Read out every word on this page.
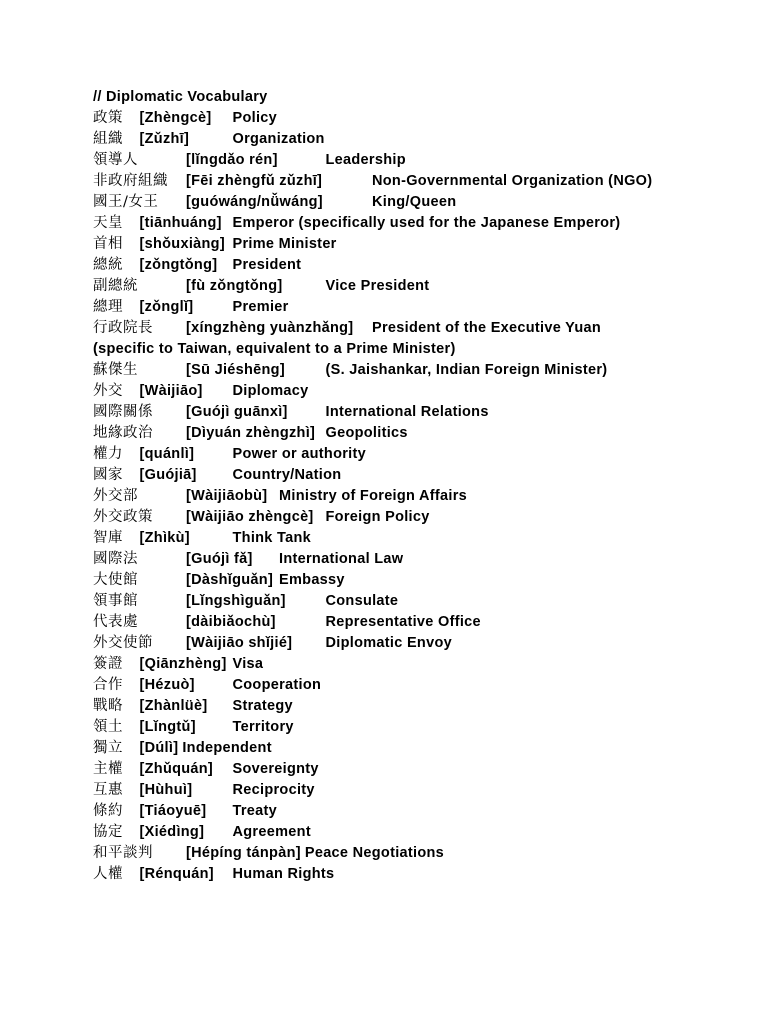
// Diplomatic Vocabulary
政策 [Zhèngcè] Policy
組織 [Zǔzhī]	Organization
領導人	[lǐngdǎo rén]	Leadership
非政府組織 [Fēi zhèngfǔ zǔzhī]	Non-Governmental Organization (NGO)
國王/女王 [guówáng/nǚwáng]	King/Queen
天皇 [tiānhuáng] Emperor (specifically used for the Japanese Emperor)
首相 [shǒuxiàng] Prime Minister
總統 [zǒngtǒng] President
副總統	[fù zǒngtǒng]	Vice President
總理 [zǒnglǐ]	Premier
行政院長 [xíngzhèng yuànzhǎng] President of the Executive Yuan (specific to Taiwan, equivalent to a Prime Minister)
蘇傑生	[Sū Jiéshēng]	(S. Jaishankar, Indian Foreign Minister)
外交 [Wàijiāo] Diplomacy
國際關係 [Guójì guānxì]	International Relations
地緣政治 [Dìyuán zhèngzhì] Geopolitics
權力 [quánlì]	Power or authority
國家 [Guójiā] Country/Nation
外交部	[Wàijiāobù] Ministry of Foreign Affairs
外交政策 [Wàijiāo zhèngcè] Foreign Policy
智庫 [Zhìkù]	Think Tank
國際法	[Guójì fǎ] International Law
大使館	[Dàshǐguǎn] Embassy
領事館	[Lǐngshìguǎn]	Consulate
代表處	[dàibiǎochù]	Representative Office
外交使節 [Wàijiāo shǐjié] Diplomatic Envoy
簽證 [Qiānzhèng] Visa
合作 [Hézuò]	Cooperation
戰略 [Zhànlüè] Strategy
領土 [Lǐngtǔ]	Territory
獨立 [Dúlì] Independent
主權 [Zhǔquán] Sovereignty
互惠 [Hùhuì]	Reciprocity
條約 [Tiáoyuē] Treaty
協定 [Xiédìng] Agreement
和平談判 [Hépíng tánpàn] Peace Negotiations
人權 [Rénquán] Human Rights
